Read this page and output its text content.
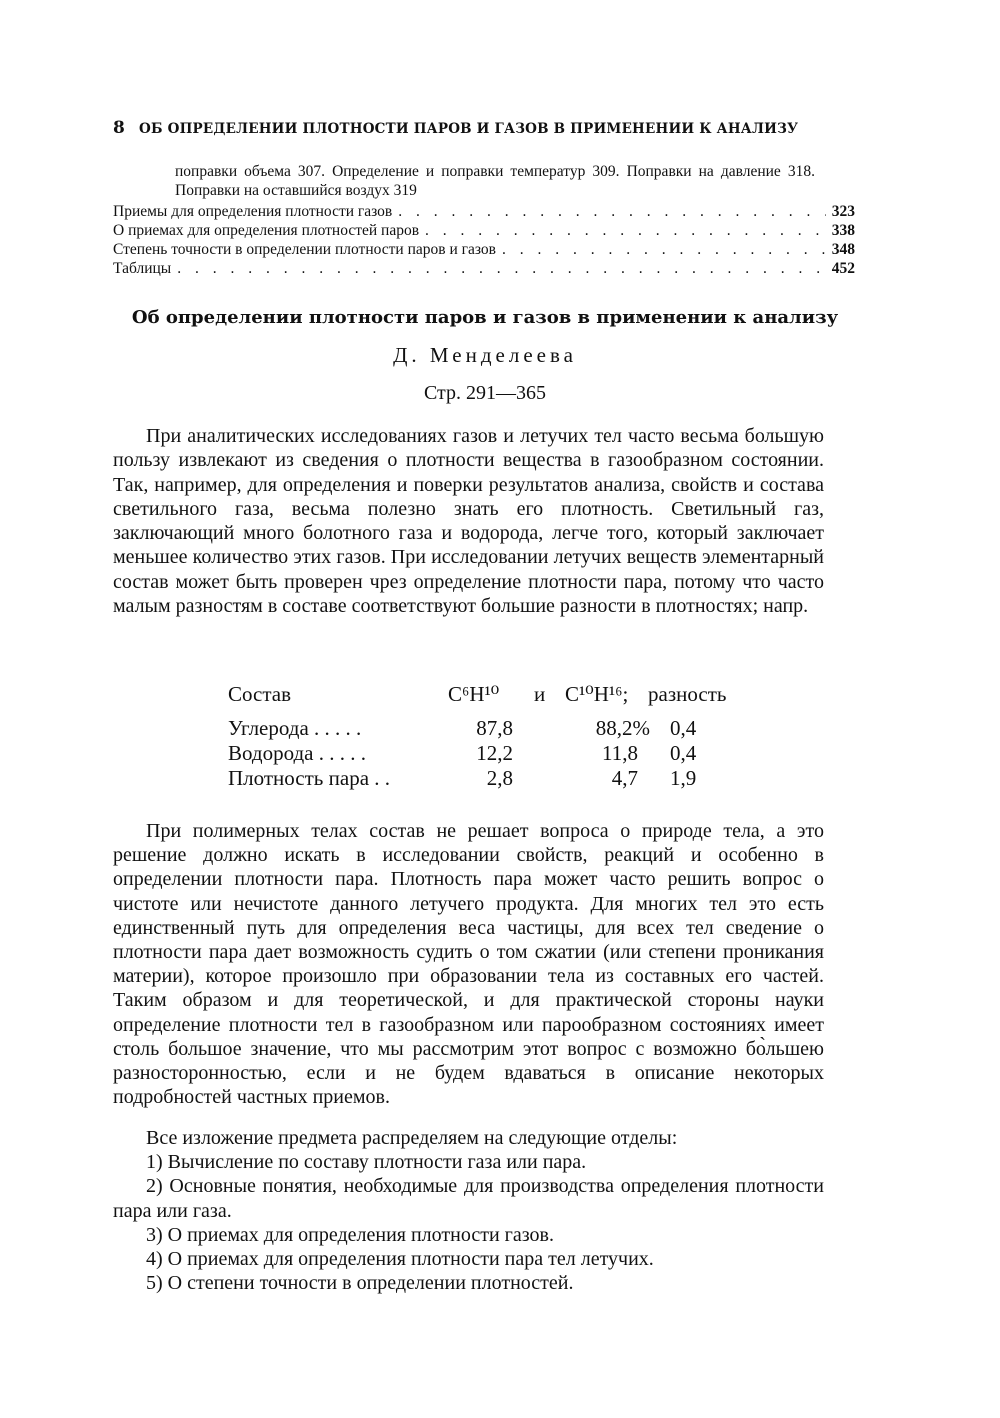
8 ОБ ОПРЕДЕЛЕНИИ ПЛОТНОСТИ ПАРОВ И ГАЗОВ В ПРИМЕНЕНИИ К АНАЛИЗУ
поправки объема 307. Определение и поправки температур 309. Поправки на давление 318. Поправки на оставшийся воздух 319
Приемы для определения плотности газов . . .	323
О приемах для определения плотностей паров . . .	338
Степень точности в определении плотности паров и газов . . .	348
Таблицы . . .	452
Об определении плотности паров и газов в применении к анализу
Д. Менделеева
Стр. 291—365
При аналитических исследованиях газов и летучих тел часто весьма большую пользу извлекают из сведения о плотности вещества в газообразном состоянии. Так, например, для определения и поверки результатов анализа, свойств и состава светильного газа, весьма полезно знать его плотность. Светильный газ, заключающий много болотного газа и водорода, легче того, который заключает меньшее количество этих газов. При исследовании летучих веществ элементарный состав может быть проверен чрез определение плотности пара, потому что часто малым разностям в составе соответствуют большие разности в плотностях; напр.
Состав	C⁶H¹⁰ и C¹⁰H¹⁶; разность
Углерода . . . . .	87,8	88,2% 0,4
Водорода . . . . .	12,2	11,8 0,4
Плотность пара . .	2,8	4,7 1,9
При полимерных телах состав не решает вопроса о природе тела, а это решение должно искать в исследовании свойств, реакций и особенно в определении плотности пара. Плотность пара может часто решить вопрос о чистоте или нечистоте данного летучего продукта. Для многих тел это есть единственный путь для определения веса частицы, для всех тел сведение о плотности пара дает возможность судить о том сжатии (или степени проникания материи), которое произошло при образовании тела из составных его частей. Таким образом и для теоретической, и для практической стороны науки определение плотности тел в газообразном или парообразном состояниях имеет столь большое значение, что мы рассмотрим этот вопрос с возможно бо̀льшею разносторонностью, если и не будем вдаваться в описание некоторых подробностей частных приемов.
Все изложение предмета распределяем на следующие отделы:
1) Вычисление по составу плотности газа или пара.
2) Основные понятия, необходимые для производства определения плотности пара или газа.
3) О приемах для определения плотности газов.
4) О приемах для определения плотности пара тел летучих.
5) О степени точности в определении плотностей.
